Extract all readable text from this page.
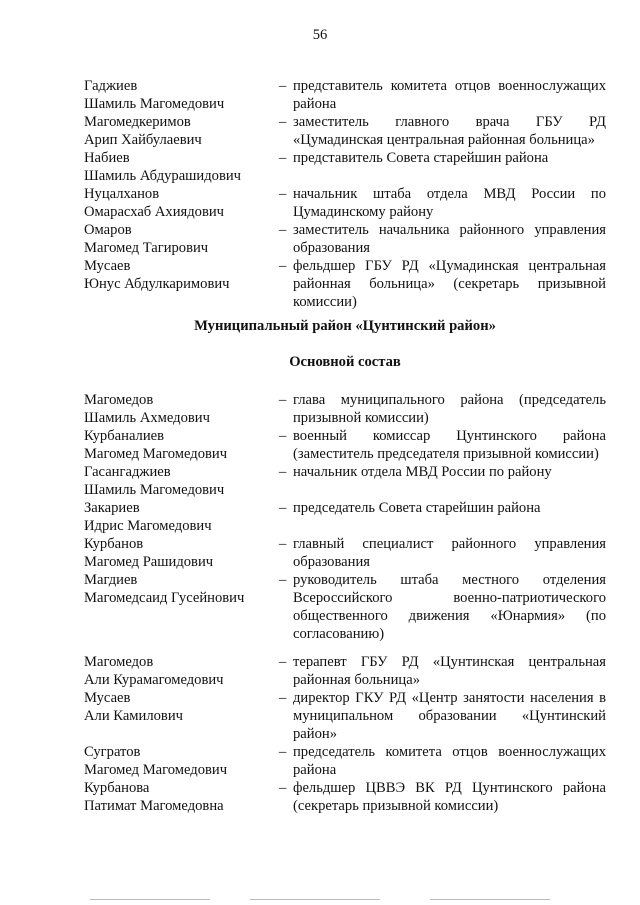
56
Гаджиев
Шамиль Магомедович
– представитель комитета отцов военнослужащих района
Магомедкеримов
Арип Хайбулаевич
– заместитель главного врача ГБУ РД «Цумадинская центральная районная больница»
Набиев
Шамиль Абдурашидович
– представитель Совета старейшин района
Нуцалханов
Омарасхаб Ахиядович
– начальник штаба отдела МВД России по Цумадинскому району
Омаров
Магомед Тагирович
– заместитель начальника районного управления образования
Мусаев
Юнус Абдулкаримович
– фельдшер ГБУ РД «Цумадинская центральная районная больница» (секретарь призывной комиссии)
Муниципальный район «Цунтинский район»
Основной состав
Магомедов
Шамиль Ахмедович
– глава муниципального района (председатель призывной комиссии)
Курбаналиев
Магомед Магомедович
– военный комиссар Цунтинского района (заместитель председателя призывной комиссии)
Гасангаджиев
Шамиль Магомедович
– начальник отдела МВД России по району
Закариев
Идрис Магомедович
– председатель Совета старейшин района
Курбанов
Магомед Рашидович
– главный специалист районного управления образования
Магдиев
Магомедсаид Гусейнович
– руководитель штаба местного отделения Всероссийского военно-патриотического общественного движения «Юнармия» (по согласованию)
Магомедов
Али Курамагомедович
– терапевт ГБУ РД «Цунтинская центральная районная больница»
Мусаев
Али Камилович
– директор ГКУ РД «Центр занятости населения в муниципальном образовании «Цунтинский район»
Сугратов
Магомед Магомедович
– председатель комитета отцов военнослужащих района
Курбанова
Патимат Магомедовна
– фельдшер ЦВВЭ ВК РД Цунтинского района (секретарь призывной комиссии)
